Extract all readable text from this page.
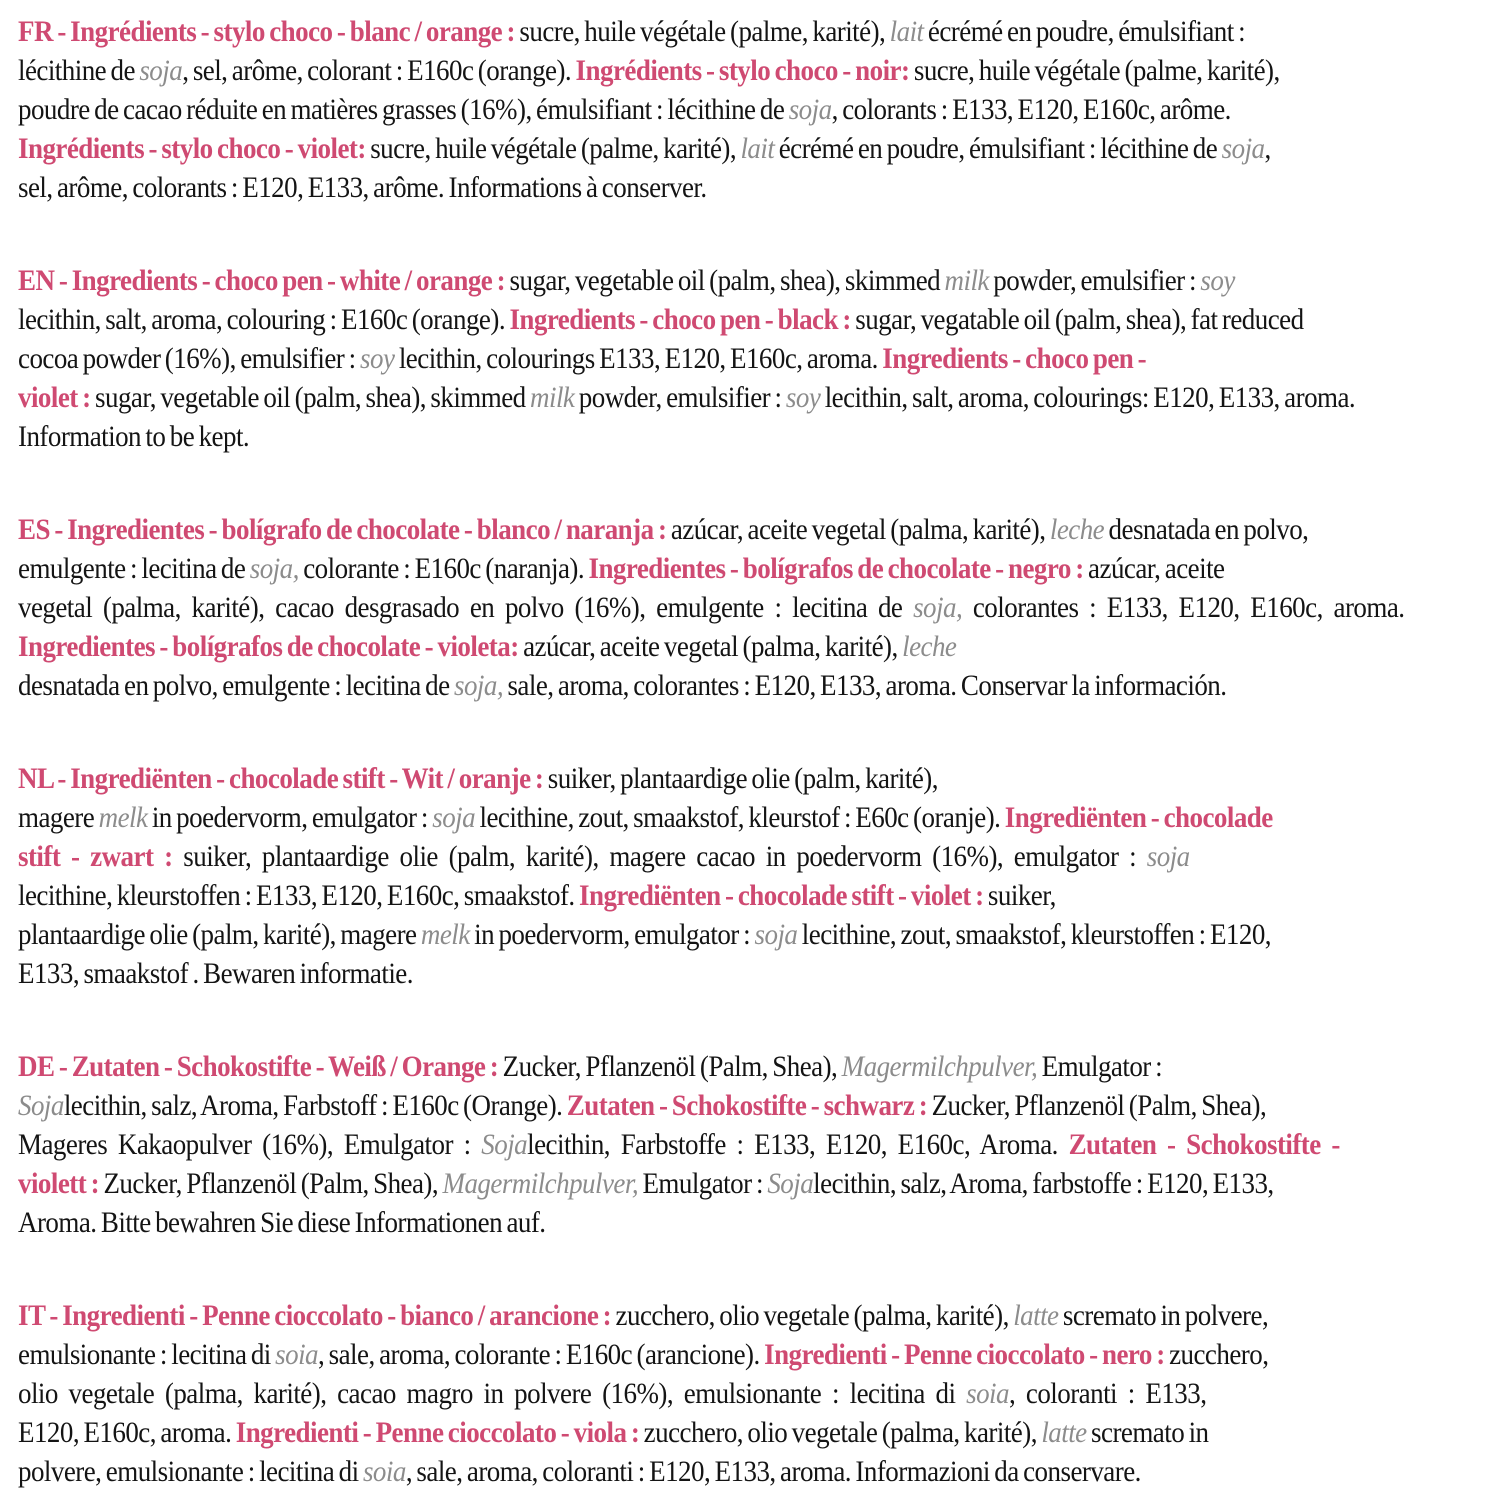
FR - Ingrédients - stylo choco - blanc / orange : sucre, huile végétale (palme, karité), lait écrémé en poudre, émulsifiant :
lécithine de soja, sel, arôme, colorant : E160c (orange). Ingrédients - stylo choco - noir: sucre, huile végétale (palme, karité),
poudre de cacao réduite en matières grasses (16%), émulsifiant : lécithine de soja, colorants : E133, E120, E160c, arôme.
Ingrédients - stylo choco - violet: sucre, huile végétale (palme, karité), lait écrémé en poudre, émulsifiant : lécithine de soja,
sel, arôme, colorants : E120, E133, arôme. Informations à conserver.
EN - Ingredients - choco pen - white / orange : sugar, vegetable oil (palm, shea), skimmed milk powder, emulsifier : soy
lecithin, salt, aroma, colouring : E160c (orange). Ingredients - choco pen - black : sugar, vegatable oil (palm, shea), fat reduced
cocoa powder (16%), emulsifier : soy lecithin, colourings E133, E120, E160c, aroma. Ingredients - choco pen -
violet : sugar, vegetable oil (palm, shea), skimmed milk powder, emulsifier : soy lecithin, salt, aroma, colourings: E120, E133, aroma.
Information to be kept.
ES - Ingredientes - bolígrafo de chocolate - blanco / naranja : azúcar, aceite vegetal (palma, karité), leche desnatada en polvo,
emulgente : lecitina de soja, colorante : E160c (naranja). Ingredientes - bolígrafos de chocolate - negro : azúcar, aceite
vegetal (palma, karité), cacao desgrasado en polvo (16%), emulgente : lecitina de soja, colorantes : E133, E120, E160c, aroma.
Ingredientes - bolígrafos de chocolate - violeta: azúcar, aceite vegetal (palma, karité), leche
desnatada en polvo, emulgente : lecitina de soja, sale, aroma, colorantes : E120, E133, aroma. Conservar la información.
NL - Ingrediënten - chocolade stift - Wit / oranje : suiker, plantaardige olie (palm, karité),
magere melk in poedervorm, emulgator : soja lecithine, zout, smaakstof, kleurstof : E60c (oranje). Ingrediënten - chocolade
stift - zwart : suiker, plantaardige olie (palm, karité), magere cacao in poedervorm (16%), emulgator : soja
lecithine, kleurstoffen : E133, E120, E160c, smaakstof. Ingrediënten - chocolade stift - violet : suiker,
plantaardige olie (palm, karité), magere melk in poedervorm, emulgator : soja lecithine, zout, smaakstof, kleurstoffen : E120,
E133, smaakstof . Bewaren informatie.
DE - Zutaten - Schokostifte - Weiß / Orange : Zucker, Pflanzenöl (Palm, Shea), Magermilchpulver, Emulgator :
Sojalecithin, salz, Aroma, Farbstoff : E160c (Orange). Zutaten - Schokostifte - schwarz : Zucker, Pflanzenöl (Palm, Shea),
Mageres Kakaopulver (16%), Emulgator : Sojalecithin, Farbstoffe : E133, E120, E160c, Aroma. Zutaten - Schokostifte -
violett : Zucker, Pflanzenöl (Palm, Shea), Magermilchpulver, Emulgator : Sojalecithin, salz, Aroma, farbstoffe : E120, E133,
Aroma. Bitte bewahren Sie diese Informationen auf.
IT - Ingredienti - Penne cioccolato - bianco / arancione : zucchero, olio vegetale (palma, karité), latte scremato in polvere,
emulsionante : lecitina di soia, sale, aroma, colorante : E160c (arancione). Ingredienti - Penne cioccolato - nero : zucchero,
olio vegetale (palma, karité), cacao magro in polvere (16%), emulsionante : lecitina di soia, coloranti : E133,
E120, E160c, aroma. Ingredienti - Penne cioccolato - viola : zucchero, olio vegetale (palma, karité), latte scremato in
polvere, emulsionante : lecitina di soia, sale, aroma, coloranti : E120, E133, aroma. Informazioni da conservare.
